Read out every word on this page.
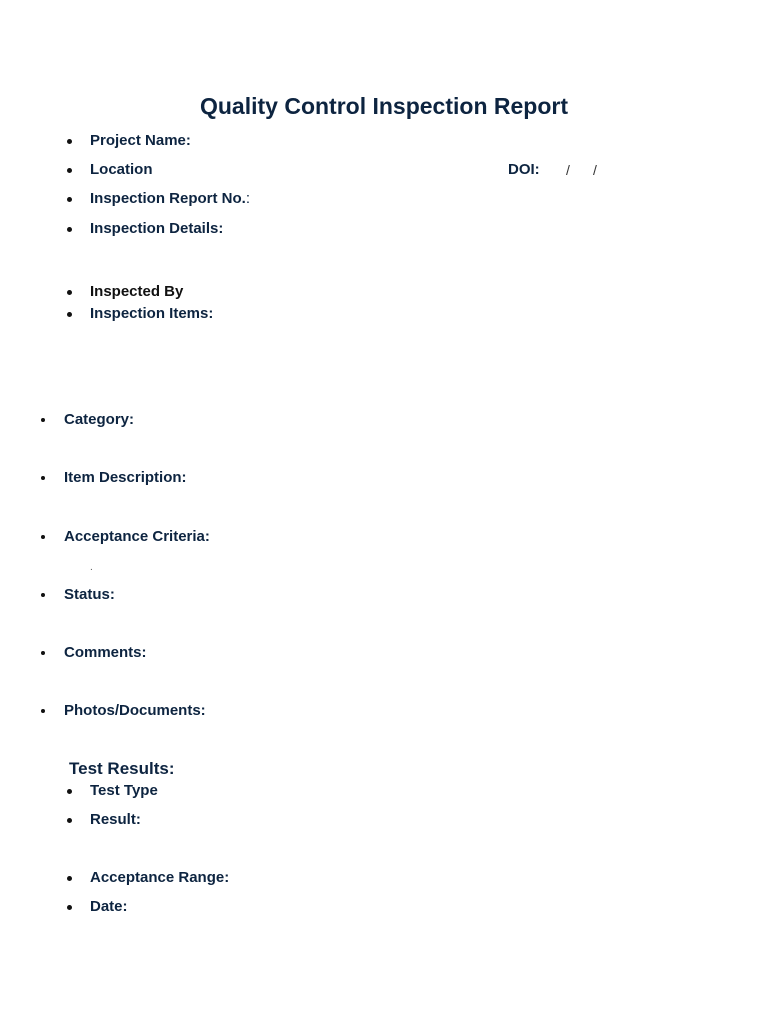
Quality Control Inspection Report
Project Name:
Location	DOI: / /
Inspection Report No.:
Inspection Details:
Inspected By
Inspection Items:
Category:
Item Description:
Acceptance Criteria:
.
Status:
Comments:
Photos/Documents:
Test Results:
Test Type
Result:
Acceptance Range:
Date:
